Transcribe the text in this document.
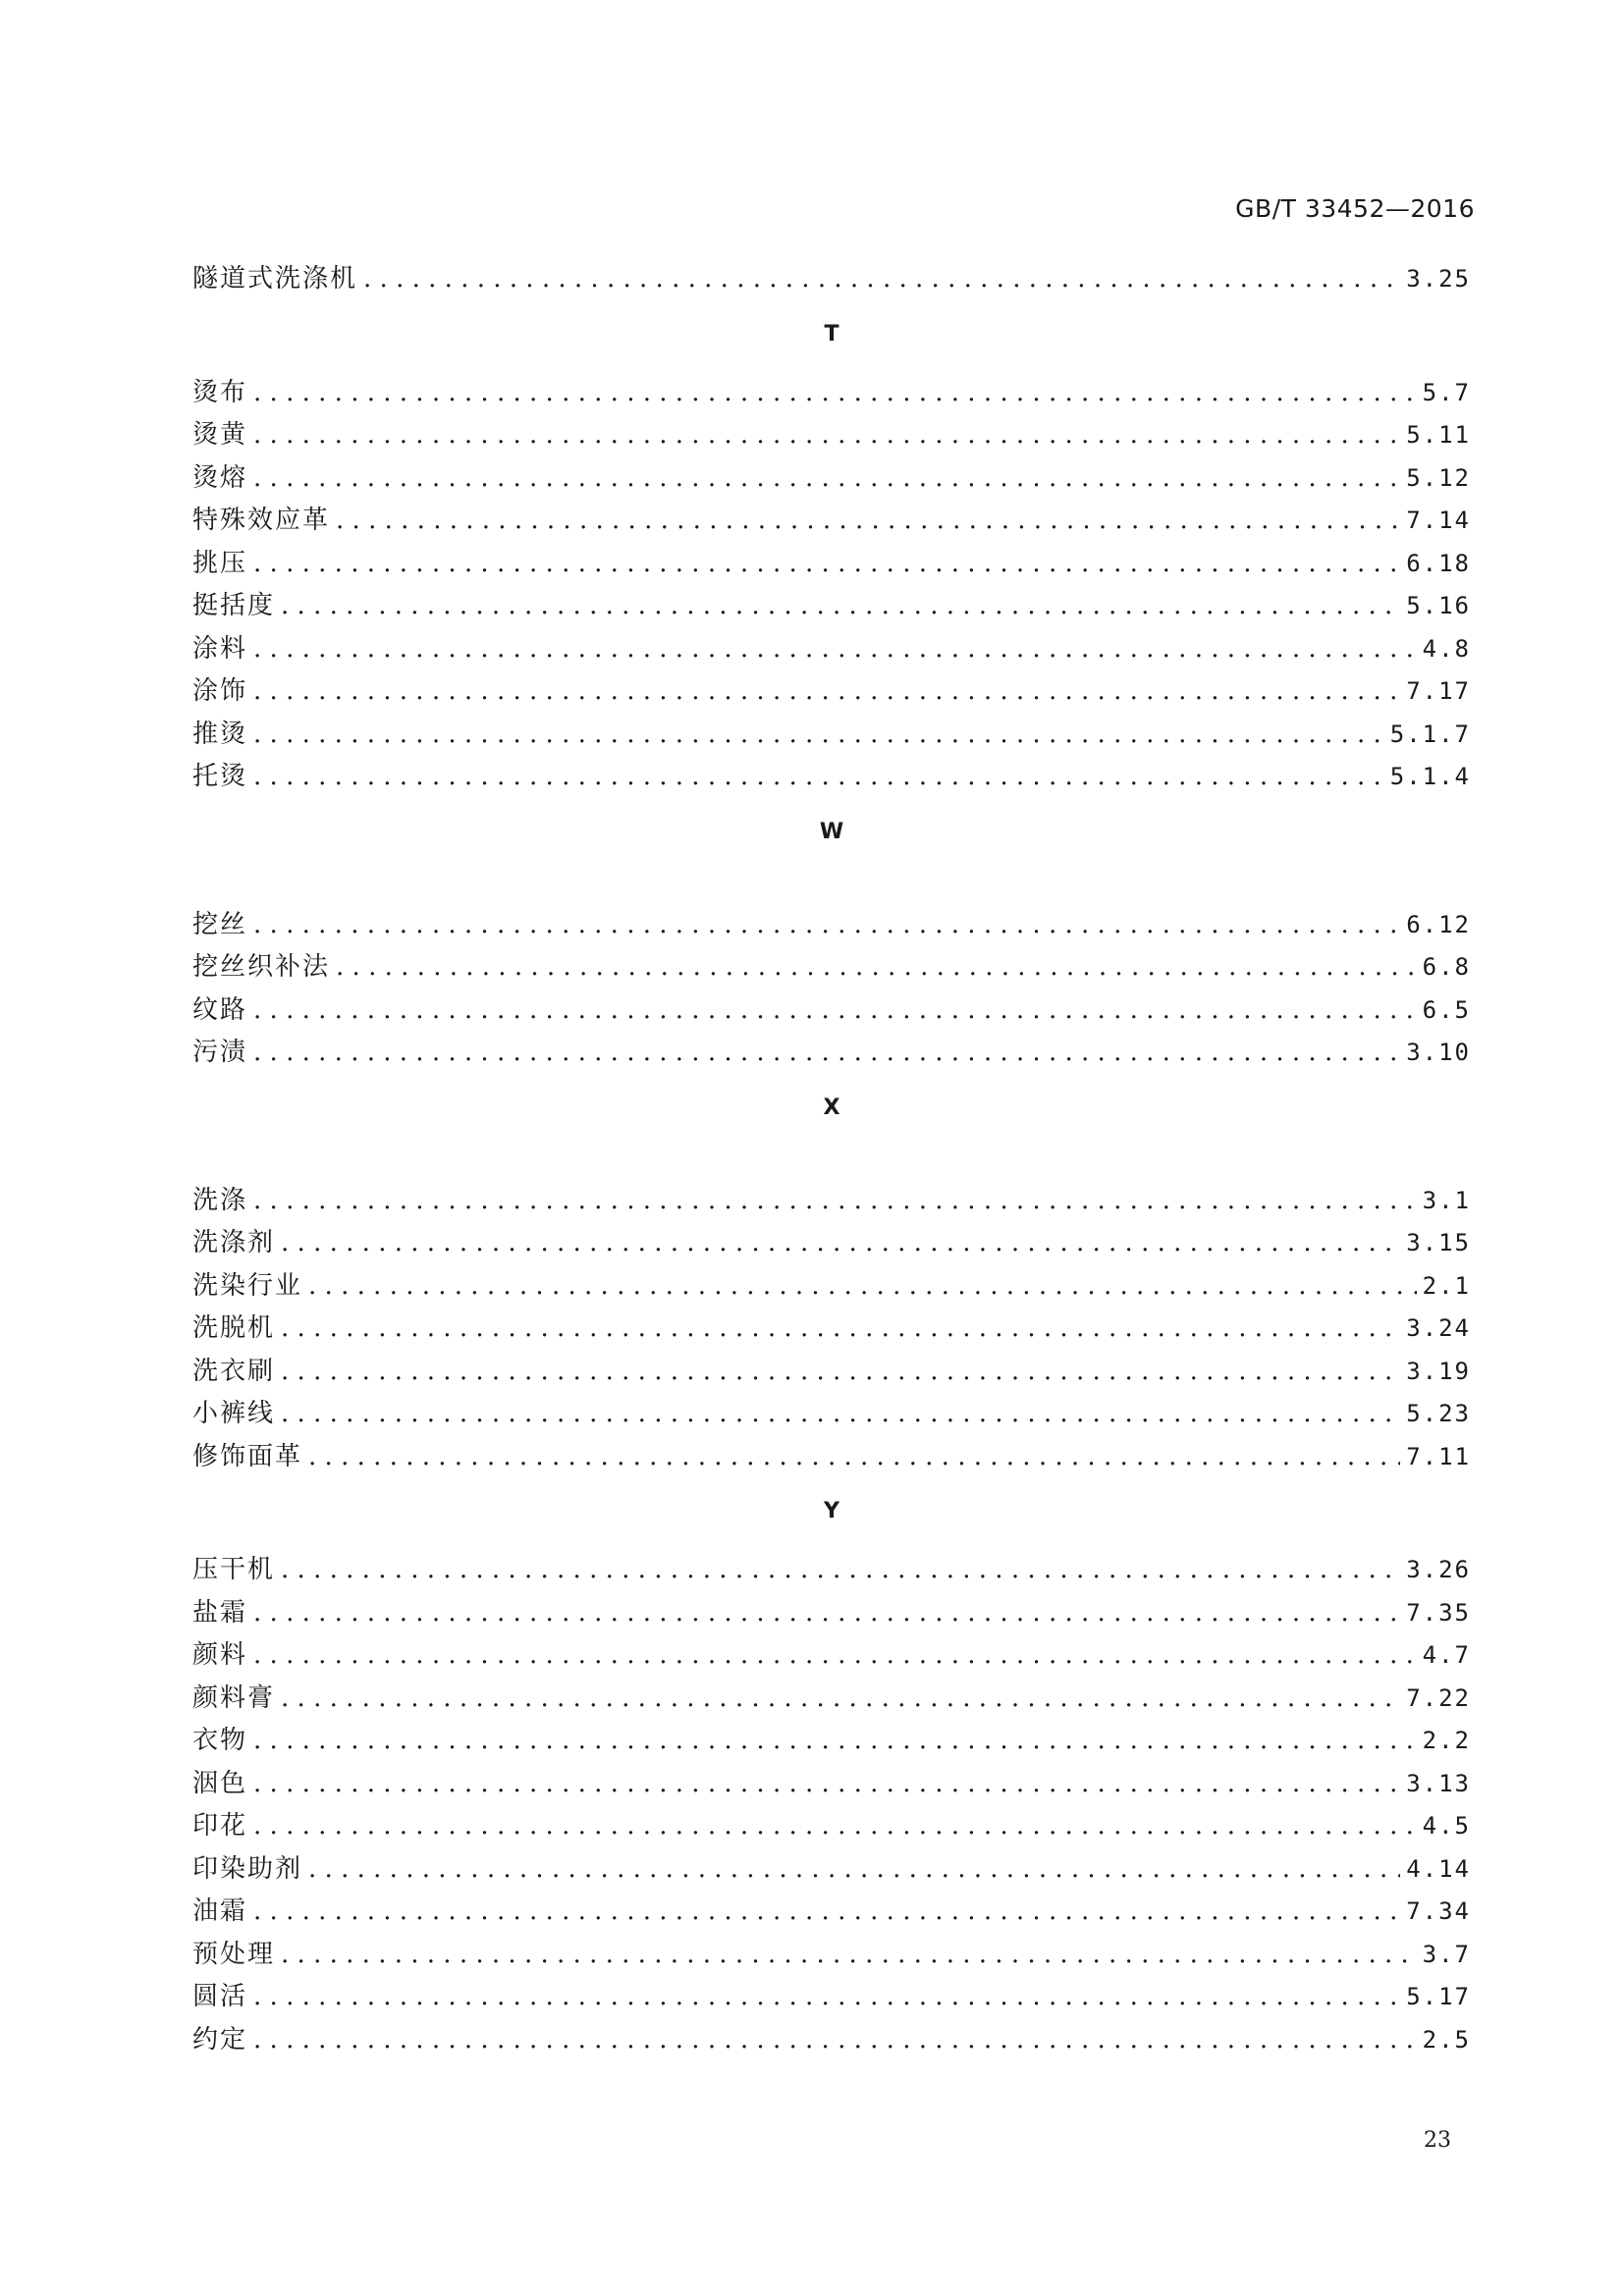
GB/T 33452—2016
隧道式洗涤机 . . .	3.25
T
烫布 . . .	5.7
烫黄 . . .	5.11
烫熔 . . .	5.12
特殊效应革 . . .	7.14
挑压 . . .	6.18
挺括度 . . .	5.16
涂料 . . .	4.8
涂饰 . . .	7.17
推烫 . . .	5.1.7
托烫 . . .	5.1.4
W
挖丝 . . .	6.12
挖丝织补法 . . .	6.8
纹路 . . .	6.5
污渍 . . .	3.10
X
洗涤 . . .	3.1
洗涤剂 . . .	3.15
洗染行业 . . .	2.1
洗脱机 . . .	3.24
洗衣刷 . . .	3.19
小裤线 . . .	5.23
修饰面革 . . .	7.11
Y
压干机 . . .	3.26
盐霜 . . .	7.35
颜料 . . .	4.7
颜料膏 . . .	7.22
衣物 . . .	2.2
洇色 . . .	3.13
印花 . . .	4.5
印染助剂 . . .	4.14
油霜 . . .	7.34
预处理 . . .	3.7
圆活 . . .	5.17
约定 . . .	2.5
23
